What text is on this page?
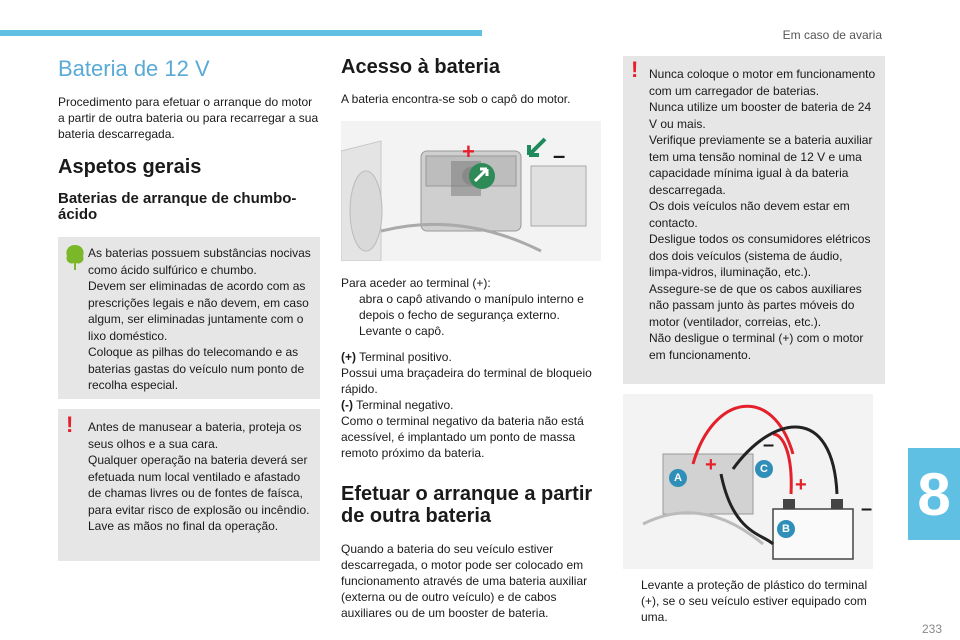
Em caso de avaria
8
233
Bateria de 12 V

Procedimento para efetuar o arranque do motor a partir de outra bateria ou para recarregar a sua bateria descarregada.

Aspetos gerais
Baterias de arranque de chumbo-ácido
As baterias possuem substâncias nocivas como ácido sulfúrico e chumbo.
Devem ser eliminadas de acordo com as prescrições legais e não devem, em caso algum, ser eliminadas juntamente com o lixo doméstico.
Coloque as pilhas do telecomando e as baterias gastas do veículo num ponto de recolha especial.
! Antes de manusear a bateria, proteja os seus olhos e a sua cara.
Qualquer operação na bateria deverá ser efetuada num local ventilado e afastado de chamas livres ou de fontes de faísca, para evitar risco de explosão ou incêndio.
Lave as mãos no final da operação.
Acesso à bateria

A bateria encontra-se sob o capô do motor.

+	–

Para aceder ao terminal (+):

abra o capô ativando o manípulo interno e depois o fecho de segurança externo.
Levante o capô.
(+) Terminal positivo.
Possui uma braçadeira do terminal de bloqueio rápido.
(-) Terminal negativo.
Como o terminal negativo da bateria não está acessível, é implantado um ponto de massa remoto próximo da bateria.
Efetuar o arranque a partir de outra bateria

Quando a bateria do seu veículo estiver descarregada, o motor pode ser colocado em funcionamento através de uma bateria auxiliar (externa ou de outro veículo) e de cabos auxiliares ou de um booster de bateria.

! Nunca coloque o motor em funcionamento com um carregador de baterias.
Nunca utilize um booster de bateria de 24 V ou mais.
Verifique previamente se a bateria auxiliar tem uma tensão nominal de 12 V e uma capacidade mínima igual à da bateria descarregada.
Os dois veículos não devem estar em contacto.
Desligue todos os consumidores elétricos dos dois veículos (sistema de áudio, limpa-vidros, iluminação, etc.).
Assegure-se de que os cabos auxiliares não passam junto às partes móveis do motor (ventilador, correias, etc.).
Não desligue o terminal (+) com o motor em funcionamento.
A
B
C
+
+
–
–
Levante a proteção de plástico do terminal (+), se o seu veículo estiver equipado com uma.
